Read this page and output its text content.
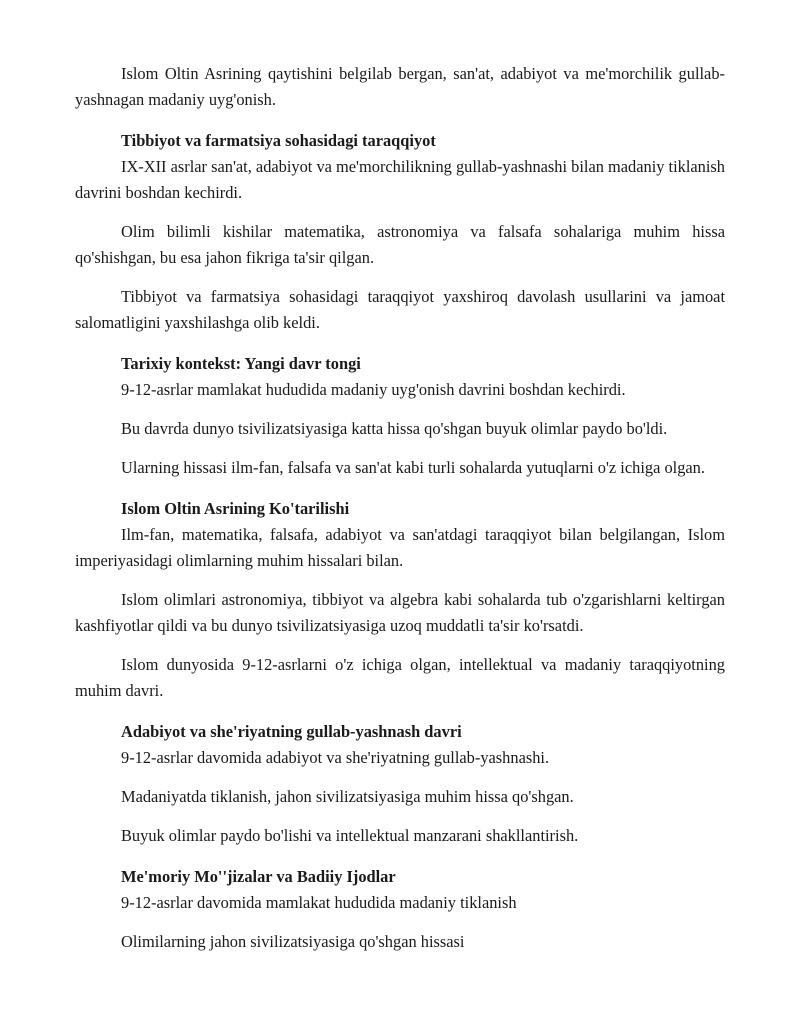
Islom Oltin Asrining qaytishini belgilab bergan, san'at, adabiyot va me'morchilik gullab-yashnagan madaniy uyg'onish.

Tibbiyot va farmatsiya sohasidagi taraqqiyot

IX-XII asrlar san'at, adabiyot va me'morchilikning gullab-yashnashi bilan madaniy tiklanish davrini boshdan kechirdi.

Olim bilimli kishilar matematika, astronomiya va falsafa sohalariga muhim hissa qo'shishgan, bu esa jahon fikriga ta'sir qilgan.

Tibbiyot va farmatsiya sohasidagi taraqqiyot yaxshiroq davolash usullarini va jamoat salomatligini yaxshilashga olib keldi.

Tarixiy kontekst: Yangi davr tongi

9-12-asrlar mamlakat hududida madaniy uyg'onish davrini boshdan kechirdi.

Bu davrda dunyo tsivilizatsiyasiga katta hissa qo'shgan buyuk olimlar paydo bo'ldi.

Ularning hissasi ilm-fan, falsafa va san'at kabi turli sohalarda yutuqlarni o'z ichiga olgan.

Islom Oltin Asrining Ko'tarilishi

Ilm-fan, matematika, falsafa, adabiyot va san'atdagi taraqqiyot bilan belgilangan, Islom imperiyasidagi olimlarning muhim hissalari bilan.

Islom olimlari astronomiya, tibbiyot va algebra kabi sohalarda tub o'zgarishlarni keltirgan kashfiyotlar qildi va bu dunyo tsivilizatsiyasiga uzoq muddatli ta'sir ko'rsatdi.

Islom dunyosida 9-12-asrlarni o'z ichiga olgan, intellektual va madaniy taraqqiyotning muhim davri.

Adabiyot va she'riyatning gullab-yashnash davri

9-12-asrlar davomida adabiyot va she'riyatning gullab-yashnashi.

Madaniyatda tiklanish, jahon sivilizatsiyasiga muhim hissa qo'shgan.

Buyuk olimlar paydo bo'lishi va intellektual manzarani shakllantirish.

Me'moriy Mo''jizalar va Badiiy Ijodlar

9-12-asrlar davomida mamlakat hududida madaniy tiklanish

Olimilarning jahon sivilizatsiyasiga qo'shgan hissasi
